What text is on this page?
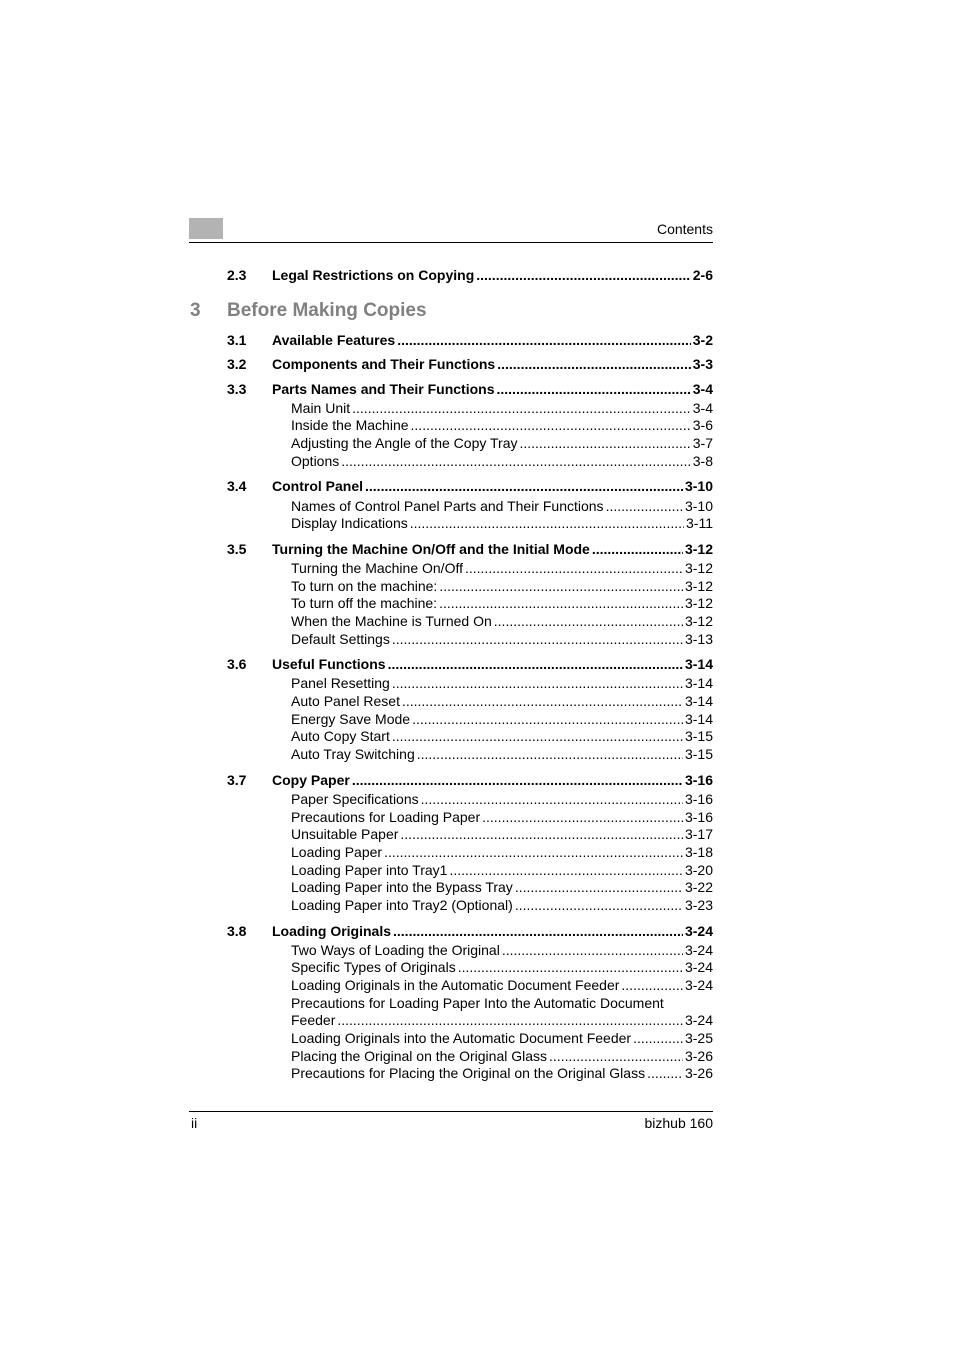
Contents
2.3	Legal Restrictions on Copying .....	2-6
3 Before Making Copies
3.1	Available Features .....	3-2
3.2	Components and Their Functions .....	3-3
3.3	Parts Names and Their Functions .....	3-4
Main Unit .....	3-4
Inside the Machine .....	3-6
Adjusting the Angle of the Copy Tray .....	3-7
Options .....	3-8
3.4	Control Panel .....	3-10
Names of Control Panel Parts and Their Functions .....	3-10
Display Indications .....	3-11
3.5	Turning the Machine On/Off and the Initial Mode .....	3-12
Turning the Machine On/Off .....	3-12
To turn on the machine: .....	3-12
To turn off the machine: .....	3-12
When the Machine is Turned On .....	3-12
Default Settings .....	3-13
3.6	Useful Functions .....	3-14
Panel Resetting .....	3-14
Auto Panel Reset .....	3-14
Energy Save Mode .....	3-14
Auto Copy Start .....	3-15
Auto Tray Switching .....	3-15
3.7	Copy Paper .....	3-16
Paper Specifications .....	3-16
Precautions for Loading Paper .....	3-16
Unsuitable Paper .....	3-17
Loading Paper .....	3-18
Loading Paper into Tray1 .....	3-20
Loading Paper into the Bypass Tray .....	3-22
Loading Paper into Tray2 (Optional) .....	3-23
3.8	Loading Originals .....	3-24
Two Ways of Loading the Original .....	3-24
Specific Types of Originals .....	3-24
Loading Originals in the Automatic Document Feeder .....	3-24
Precautions for Loading Paper Into the Automatic Document
Feeder .....	3-24
Loading Originals into the Automatic Document Feeder .....	3-25
Placing the Original on the Original Glass .....	3-26
Precautions for Placing the Original on the Original Glass .....	3-26
ii	bizhub 160
